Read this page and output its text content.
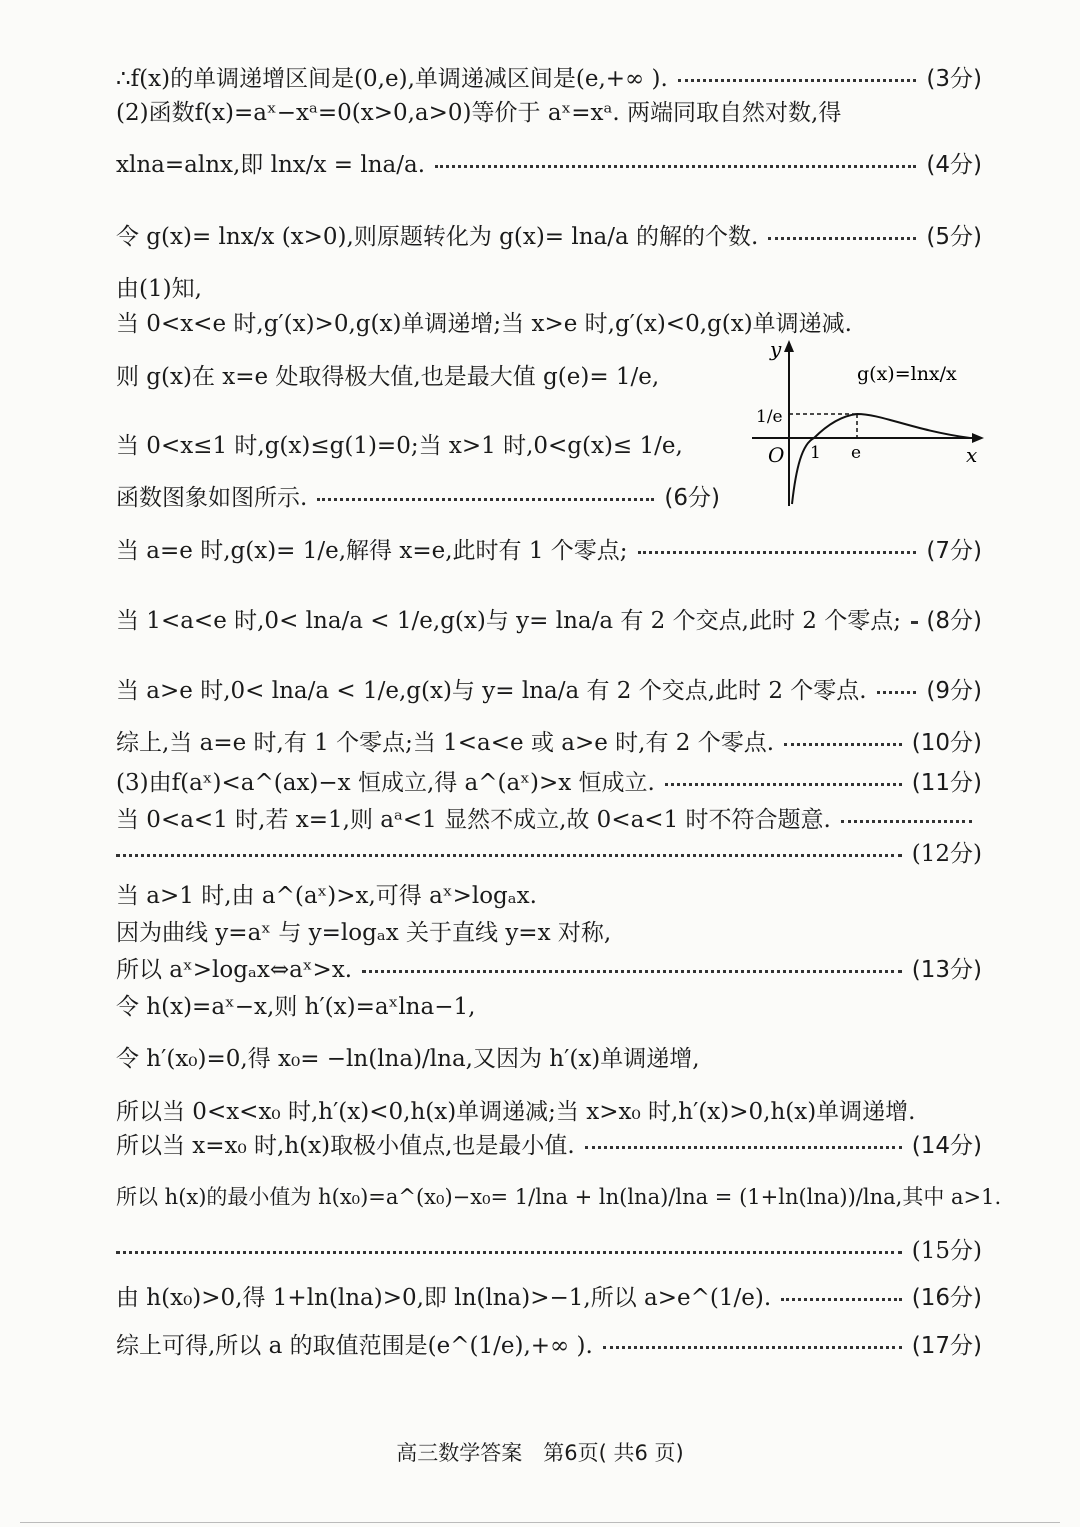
∴f(x)的单调递增区间是(0,e),单调递减区间是(e,+∞ ).	(3分)
(2)函数f(x)=aˣ−xᵃ=0(x>0,a>0)等价于 aˣ=xᵃ. 两端同取自然对数,得
xlna=alnx,即 lnx/x = lna/a.	(4分)
令 g(x)= lnx/x (x>0),则原题转化为 g(x)= lna/a 的解的个数.	(5分)
由(1)知,
当 0<x<e 时,g′(x)>0,g(x)单调递增;当 x>e 时,g′(x)<0,g(x)单调递减.
则 g(x)在 x=e 处取得极大值,也是最大值 g(e)= 1/e,
当 0<x≤1 时,g(x)≤g(1)=0;当 x>1 时,0<g(x)≤ 1/e,
函数图象如图所示.	(6分)
y
x
O 1 e
1/e
g(x)=lnx/x
当 a=e 时,g(x)= 1/e,解得 x=e,此时有 1 个零点;	(7分)
当 1<a<e 时,0< lna/a < 1/e,g(x)与 y= lna/a 有 2 个交点,此时 2 个零点; (8分)
当 a>e 时,0< lna/a < 1/e,g(x)与 y= lna/a 有 2 个交点,此时 2 个零点.	(9分)
综上,当 a=e 时,有 1 个零点;当 1<a<e 或 a>e 时,有 2 个零点.	(10分)
(3)由f(aˣ)<a^(ax)−x 恒成立,得 a^(aˣ)>x 恒成立.	(11分)
当 0<a<1 时,若 x=1,则 aᵃ<1 显然不成立,故 0<a<1 时不符合题意.
(12分)
当 a>1 时,由 a^(aˣ)>x,可得 aˣ>logₐx.
因为曲线 y=aˣ 与 y=logₐx 关于直线 y=x 对称,
所以 aˣ>logₐx⇔aˣ>x.	(13分)
令 h(x)=aˣ−x,则 h′(x)=aˣlna−1,
令 h′(x₀)=0,得 x₀= −ln(lna)/lna,又因为 h′(x)单调递增,
所以当 0<x<x₀ 时,h′(x)<0,h(x)单调递减;当 x>x₀ 时,h′(x)>0,h(x)单调递增.
所以当 x=x₀ 时,h(x)取极小值点,也是最小值.	(14分)
所以 h(x)的最小值为 h(x₀)=a^(x₀)−x₀= 1/lna + ln(lna)/lna = (1+ln(lna))/lna,其中 a>1.
(15分)
由 h(x₀)>0,得 1+ln(lna)>0,即 ln(lna)>−1,所以 a>e^(1/e).	(16分)
综上可得,所以 a 的取值范围是(e^(1/e),+∞ ).	(17分)
高三数学答案　第6页( 共6 页)
